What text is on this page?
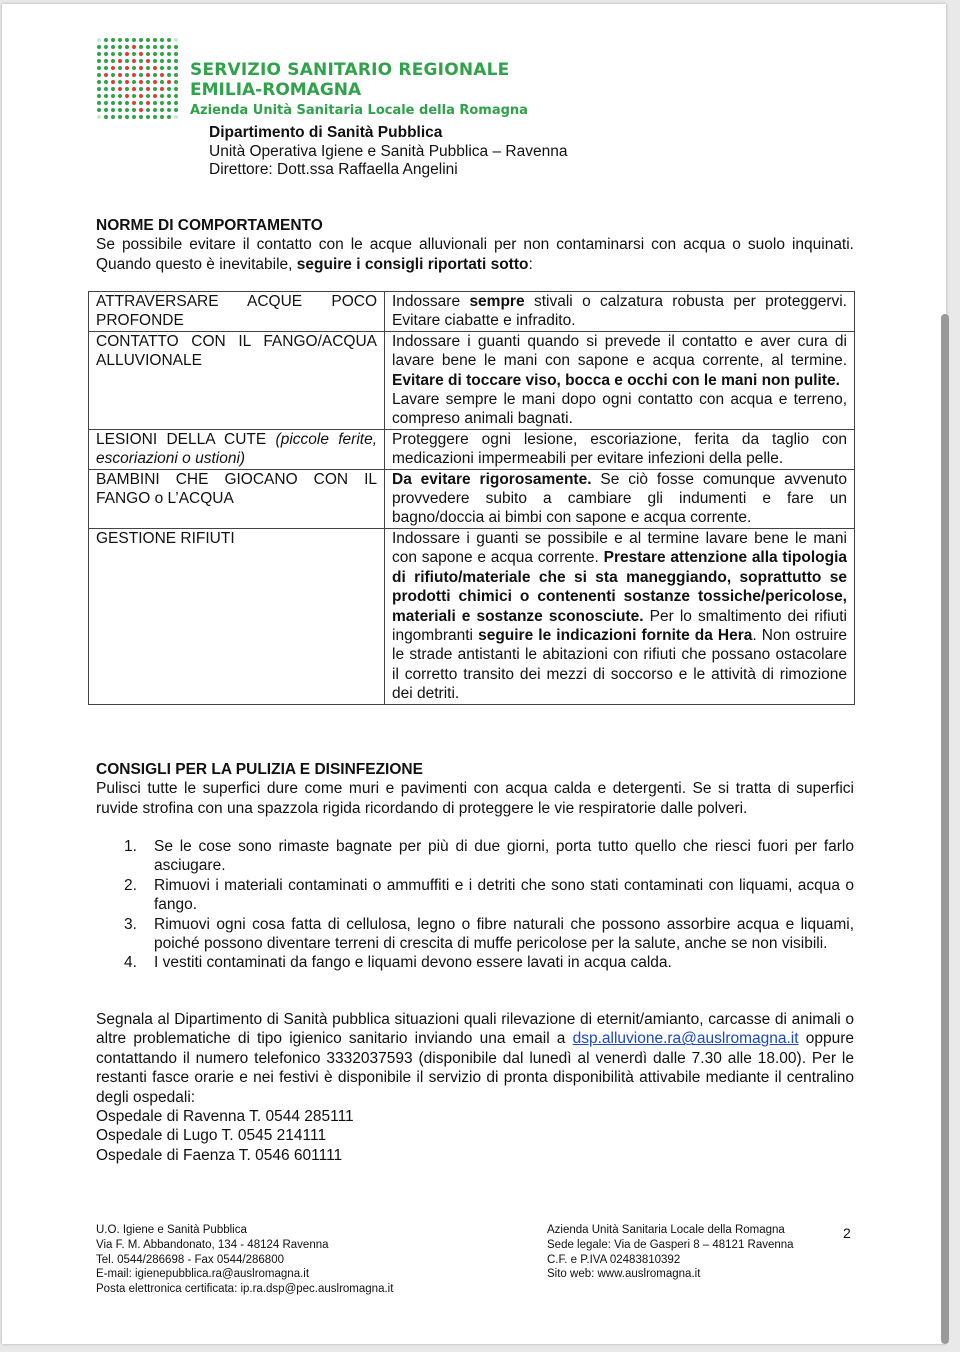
SERVIZIO SANITARIO REGIONALE
EMILIA-ROMAGNA
Azienda Unità Sanitaria Locale della Romagna
Dipartimento di Sanità Pubblica
Unità Operativa Igiene e Sanità Pubblica – Ravenna
Direttore: Dott.ssa Raffaella Angelini
NORME DI COMPORTAMENTO
Se possibile evitare il contatto con le acque alluvionali per non contaminarsi con acqua o suolo inquinati. Quando questo è inevitabile, seguire i consigli riportati sotto:
ATTRAVERSARE ACQUE POCO PROFONDE	Indossare sempre stivali o calzatura robusta per proteggervi. Evitare ciabatte e infradito.
CONTATTO CON IL FANGO/ACQUA ALLUVIONALE	Indossare i guanti quando si prevede il contatto e aver cura di lavare bene le mani con sapone e acqua corrente, al termine. Evitare di toccare viso, bocca e occhi con le mani non pulite.
Lavare sempre le mani dopo ogni contatto con acqua e terreno, compreso animali bagnati.

LESIONI DELLA CUTE (piccole ferite, escoriazioni o ustioni)	Proteggere ogni lesione, escoriazione, ferita da taglio con medicazioni impermeabili per evitare infezioni della pelle.
BAMBINI CHE GIOCANO CON IL FANGO o L’ACQUA	Da evitare rigorosamente. Se ciò fosse comunque avvenuto provvedere subito a cambiare gli indumenti e fare un bagno/doccia ai bimbi con sapone e acqua corrente.
GESTIONE RIFIUTI	Indossare i guanti se possibile e al termine lavare bene le mani con sapone e acqua corrente. Prestare attenzione alla tipologia di rifiuto/materiale che si sta maneggiando, soprattutto se prodotti chimici o contenenti sostanze tossiche/pericolose, materiali e sostanze sconosciute. Per lo smaltimento dei rifiuti ingombranti seguire le indicazioni fornite da Hera. Non ostruire le strade antistanti le abitazioni con rifiuti che possano ostacolare il corretto transito dei mezzi di soccorso e le attività di rimozione dei detriti.
CONSIGLI PER LA PULIZIA E DISINFEZIONE
Pulisci tutte le superfici dure come muri e pavimenti con acqua calda e detergenti. Se si tratta di superfici ruvide strofina con una spazzola rigida ricordando di proteggere le vie respiratorie dalle polveri.
1. Se le cose sono rimaste bagnate per più di due giorni, porta tutto quello che riesci fuori per farlo asciugare.
2. Rimuovi i materiali contaminati o ammuffiti e i detriti che sono stati contaminati con liquami, acqua o fango.
3. Rimuovi ogni cosa fatta di cellulosa, legno o fibre naturali che possono assorbire acqua e liquami, poiché possono diventare terreni di crescita di muffe pericolose per la salute, anche se non visibili.
4. I vestiti contaminati da fango e liquami devono essere lavati in acqua calda.
Segnala al Dipartimento di Sanità pubblica situazioni quali rilevazione di eternit/amianto, carcasse di animali o altre problematiche di tipo igienico sanitario inviando una email a dsp.alluvione.ra@auslromagna.it oppure contattando il numero telefonico 3332037593 (disponibile dal lunedì al venerdì dalle 7.30 alle 18.00). Per le restanti fasce orarie e nei festivi è disponibile il servizio di pronta disponibilità attivabile mediante il centralino degli ospedali:
Ospedale di Ravenna T. 0544 285111
Ospedale di Lugo T. 0545 214111
Ospedale di Faenza T. 0546 601111
U.O. Igiene e Sanità Pubblica
Via F. M. Abbandonato, 134 - 48124 Ravenna
Tel. 0544/286698 - Fax 0544/286800
E-mail: igienepubblica.ra@auslromagna.it
Posta elettronica certificata: ip.ra.dsp@pec.auslromagna.it
Azienda Unità Sanitaria Locale della Romagna
Sede legale: Via de Gasperi 8 – 48121 Ravenna
C.F. e P.IVA 02483810392
Sito web: www.auslromagna.it
2
